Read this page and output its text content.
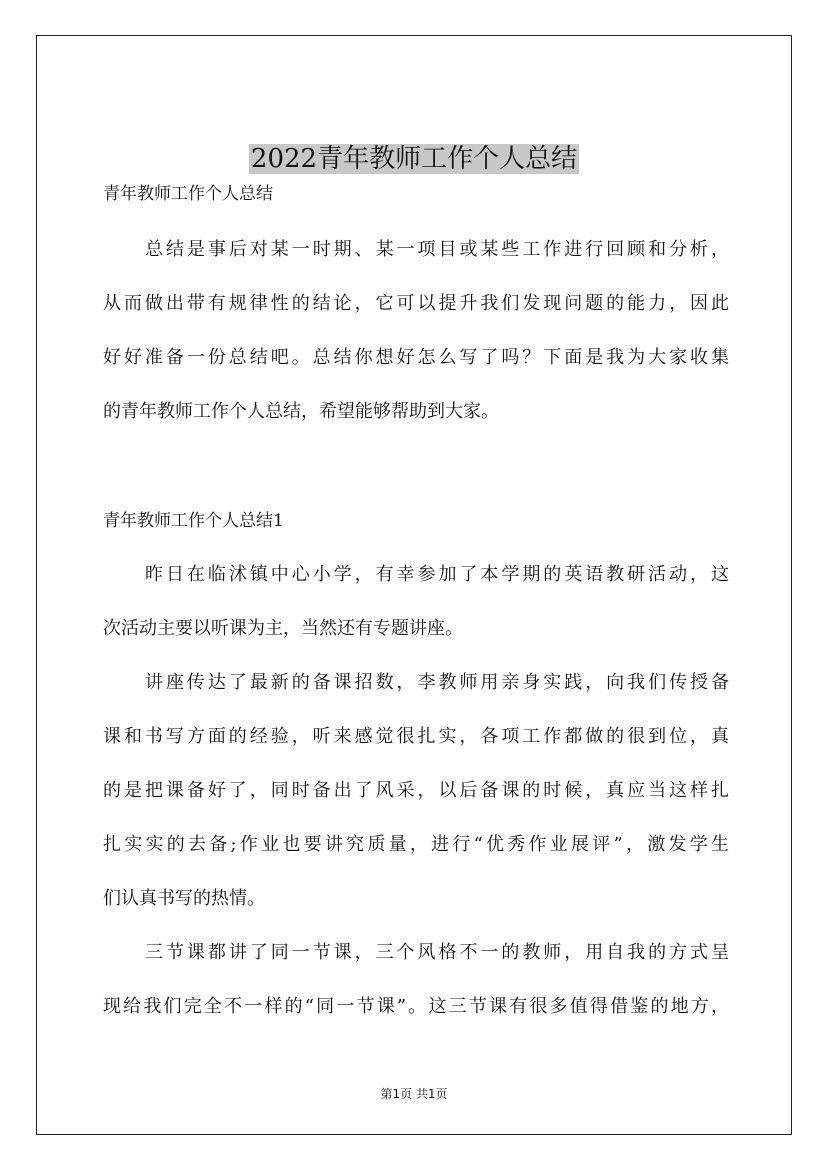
2022青年教师工作个人总结
青年教师工作个人总结
总结是事后对某一时期、某一项目或某些工作进行回顾和分析，
从而做出带有规律性的结论，它可以提升我们发现问题的能力，因此
好好准备一份总结吧。总结你想好怎么写了吗？下面是我为大家收集
的青年教师工作个人总结，希望能够帮助到大家。
青年教师工作个人总结1
昨日在临沭镇中心小学，有幸参加了本学期的英语教研活动，这
次活动主要以听课为主，当然还有专题讲座。
讲座传达了最新的备课招数，李教师用亲身实践，向我们传授备
课和书写方面的经验，听来感觉很扎实，各项工作都做的很到位，真
的是把课备好了，同时备出了风采，以后备课的时候，真应当这样扎
扎实实的去备;作业也要讲究质量，进行“优秀作业展评”，激发学生
们认真书写的热情。
三节课都讲了同一节课，三个风格不一的教师，用自我的方式呈
现给我们完全不一样的“同一节课”。这三节课有很多值得借鉴的地方，
第1页 共1页
